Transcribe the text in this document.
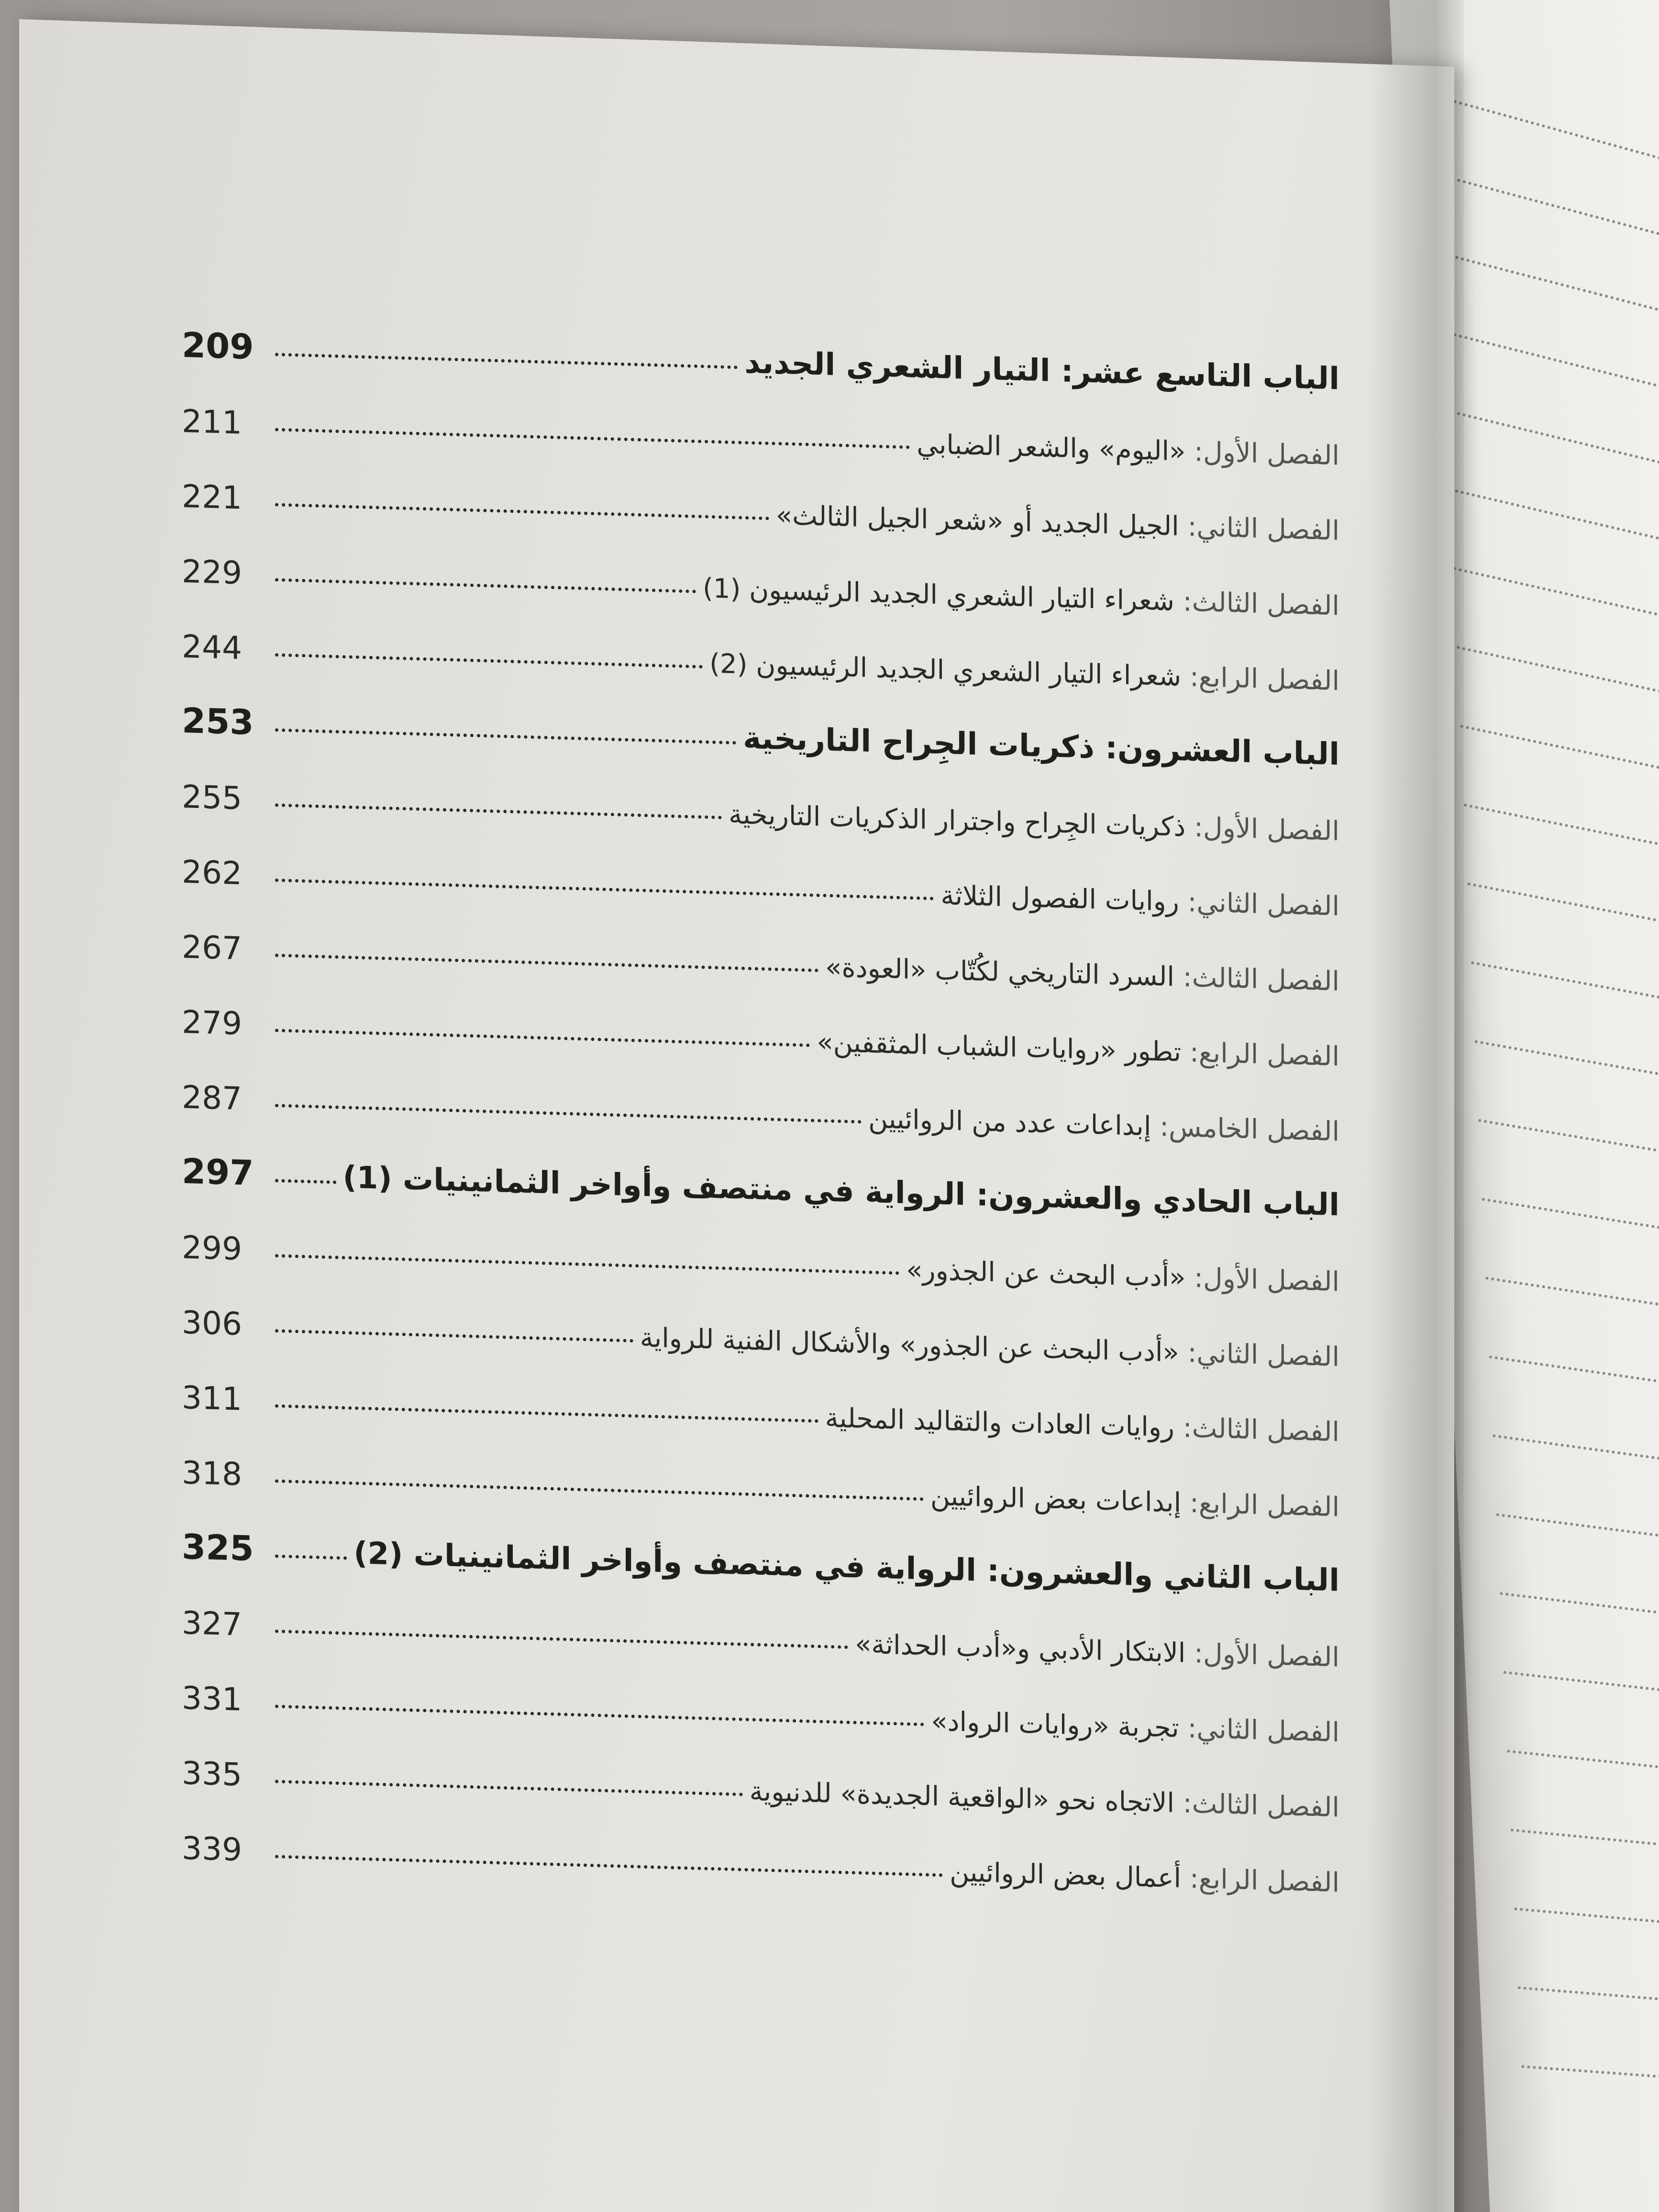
الباب التاسع عشر: التيار الشعري الجديد
209
الفصل الأول: «اليوم» والشعر الضبابي
211
الفصل الثاني: الجيل الجديد أو «شعر الجيل الثالث»
221
الفصل الثالث: شعراء التيار الشعري الجديد الرئيسيون (1)
229
الفصل الرابع: شعراء التيار الشعري الجديد الرئيسيون (2)
244
الباب العشرون: ذكريات الجِراح التاريخية
253
الفصل الأول: ذكريات الجِراح واجترار الذكريات التاريخية
255
الفصل الثاني: روايات الفصول الثلاثة
262
الفصل الثالث: السرد التاريخي لكُتّاب «العودة»
267
الفصل الرابع: تطور «روايات الشباب المثقفين»
279
الفصل الخامس: إبداعات عدد من الروائيين
287
الباب الحادي والعشرون: الرواية في منتصف وأواخر الثمانينيات (1)
297
الفصل الأول: «أدب البحث عن الجذور»
299
الفصل الثاني: «أدب البحث عن الجذور» والأشكال الفنية للرواية
306
الفصل الثالث: روايات العادات والتقاليد المحلية
311
الفصل الرابع: إبداعات بعض الروائيين
318
الباب الثاني والعشرون: الرواية في منتصف وأواخر الثمانينيات (2)
325
الفصل الأول: الابتكار الأدبي و«أدب الحداثة»
327
الفصل الثاني: تجربة «روايات الرواد»
331
الفصل الثالث: الاتجاه نحو «الواقعية الجديدة» للدنيوية
335
الفصل الرابع: أعمال بعض الروائيين
339
